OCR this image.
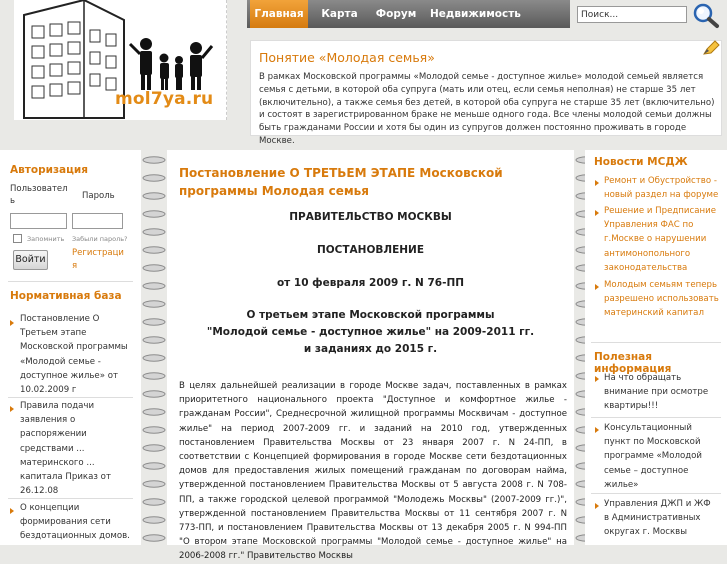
mol7ya.ru
Главная	Карта	Форум	Недвижимость
Поиск...
Понятие «Молодая семья»
В рамках Московской программы «Молодой семье - доступное жилье» молодой семьей является семья с детьми, в которой оба супруга (мать или отец, если семья неполная) не старше 35 лет (включительно), а также семья без детей, в которой оба супруга не старше 35 лет (включительно) и состоят в зарегистрированном браке не меньше одного года. Все члены молодой семьи должны быть гражданами России и хотя бы один из супругов должен постоянно проживать в городе Москве.
Авторизация
Пользовател
ь	Пароль
Запомнить Забыли пароль?
Войти
Регистраци
я
Нормативная база
Постановление О
Третьем этапе
Московской программы
«Молодой семье -
доступное жилье» от
10.02.2009 г
Правила подачи
заявления о
распоряжении
средствами ...
материнского ...
капитала Приказ от
26.12.08
О концепции
формирования сети
бездотационных домов.
Постановление О ТРЕТЬЕМ ЭТАПЕ Московской программы Молодая семья
ПРАВИТЕЛЬСТВО МОСКВЫ
ПОСТАНОВЛЕНИЕ
от 10 февраля 2009 г. N 76-ПП
О третьем этапе Московской программы
"Молодой семье - доступное жилье" на 2009-2011 гг.
и заданиях до 2015 г.
В целях дальнейшей реализации в городе Москве задач, поставленных в рамках приоритетного национального проекта "Доступное и комфортное жилье - гражданам России", Среднесрочной жилищной программы Москвичам - доступное жилье" на период 2007-2009 гг. и заданий на 2010 год, утвержденных постановлением Правительства Москвы от 23 января 2007 г. N 24-ПП, в соответствии с Концепцией формирования в городе Москве сети бездотационных домов для предоставления жилых помещений гражданам по договорам найма, утвержденной постановлением Правительства Москвы от 5 августа 2008 г. N 708-ПП, а также городской целевой программой "Молодежь Москвы" (2007-2009 гг.)", утвержденной постановлением Правительства Москвы от 11 сентября 2007 г. N 773-ПП, и постановлением Правительства Москвы от 13 декабря 2005 г. N 994-ПП "О втором этапе Московской программы "Молодой семье - доступное жилье" на 2006-2008 гг." Правительство Москвы
Новости МСДЖ
Ремонт и Обустройство -
новый раздел на форуме
Решение и Предписание
Управления ФАС по
г.Москве о нарушении
антимонопольного
законодательства
Молодым семьям теперь
разрешено использовать
материнский капитал
Полезная информация
На что обращать
внимание при осмотре
квартиры!!!
Консультационный
пункт по Московской
программе «Молодой
семье – доступное
жилье»
Управления ДЖП и ЖФ
в Административных
округах г. Москвы
